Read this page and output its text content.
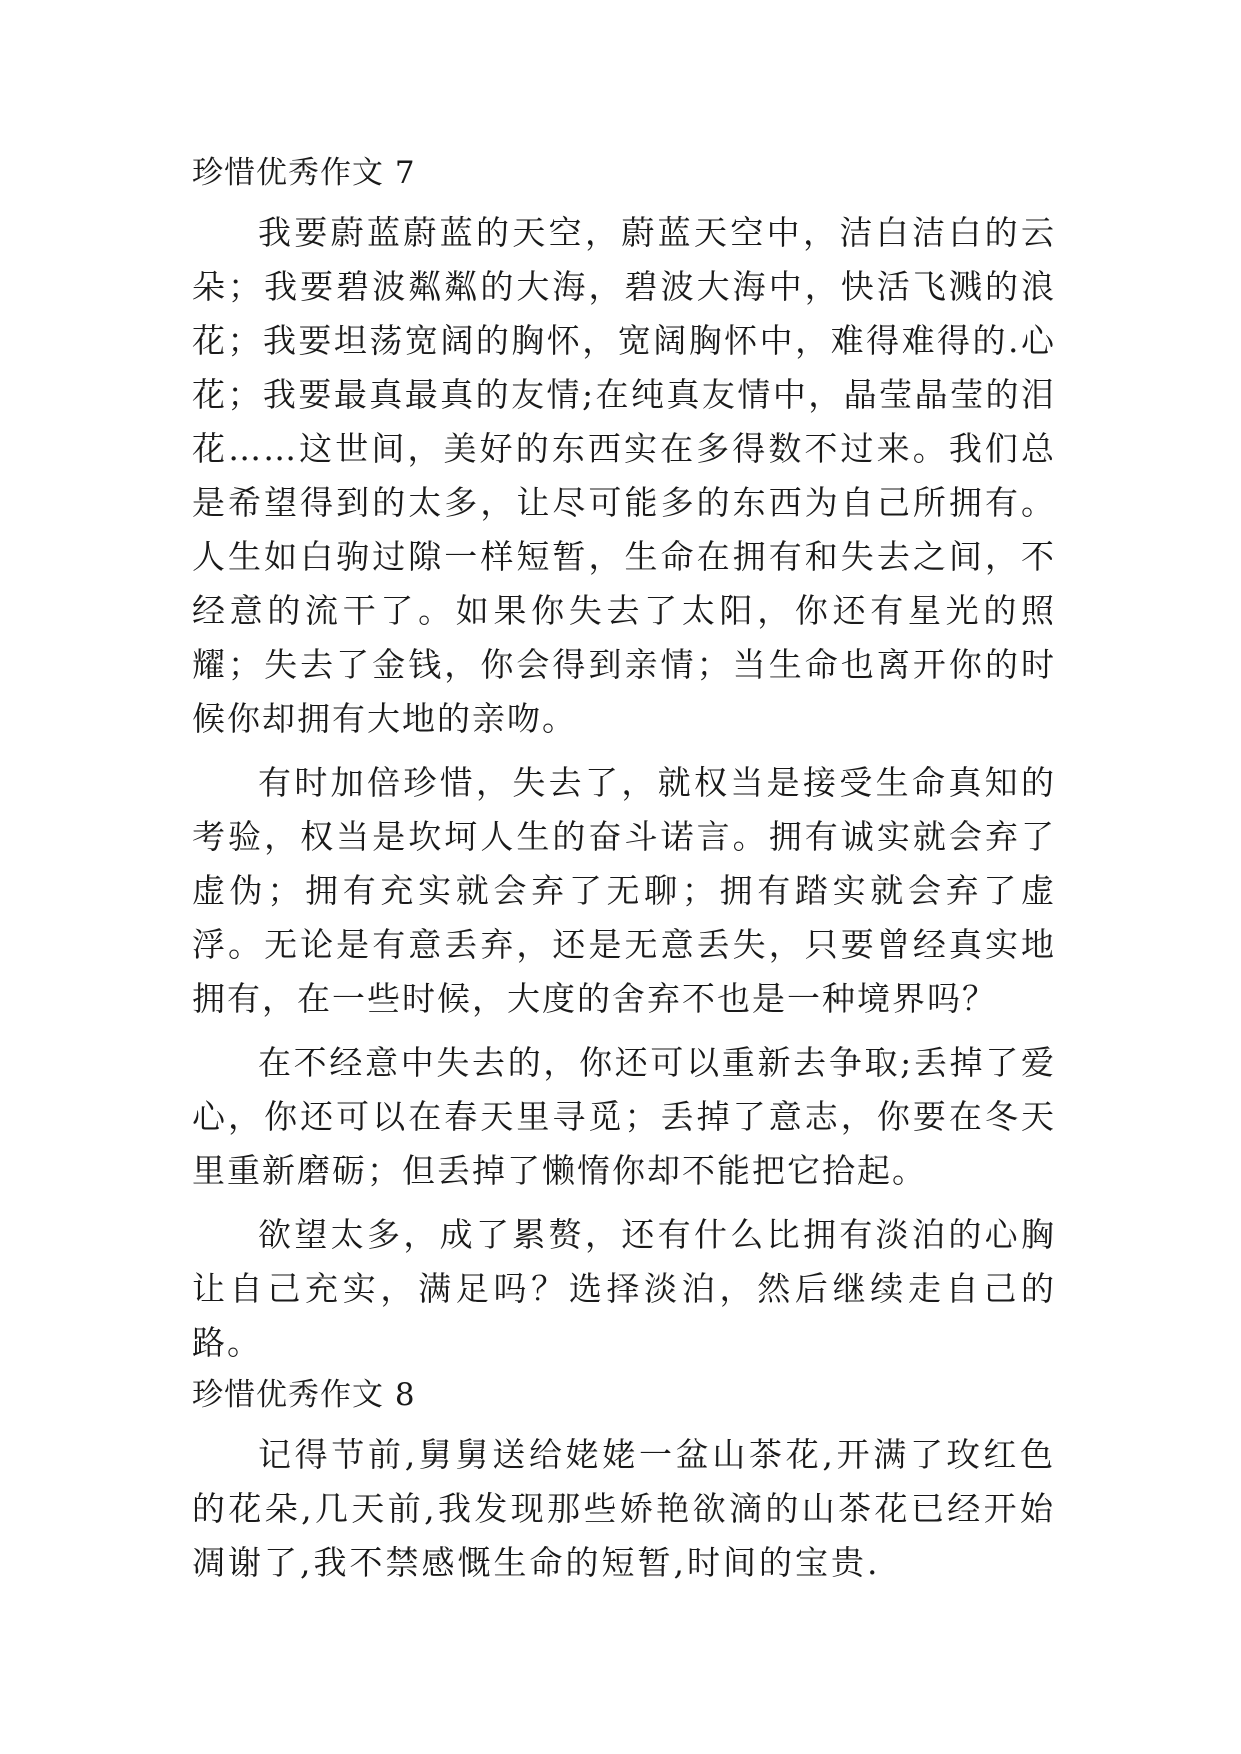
珍惜优秀作文 7

我要蔚蓝蔚蓝的天空，蔚蓝天空中，洁白洁白的云朵；我要碧波粼粼的大海，碧波大海中，快活飞溅的浪花；我要坦荡宽阔的胸怀，宽阔胸怀中，难得难得的.心花；我要最真最真的友情;在纯真友情中，晶莹晶莹的泪花……这世间，美好的东西实在多得数不过来。我们总是希望得到的太多，让尽可能多的东西为自己所拥有。人生如白驹过隙一样短暂，生命在拥有和失去之间，不经意的流干了。如果你失去了太阳，你还有星光的照耀；失去了金钱，你会得到亲情；当生命也离开你的时候你却拥有大地的亲吻。

有时加倍珍惜，失去了，就权当是接受生命真知的考验，权当是坎坷人生的奋斗诺言。拥有诚实就会弃了虚伪；拥有充实就会弃了无聊；拥有踏实就会弃了虚浮。无论是有意丢弃，还是无意丢失，只要曾经真实地拥有，在一些时候，大度的舍弃不也是一种境界吗？

在不经意中失去的，你还可以重新去争取;丢掉了爱心，你还可以在春天里寻觅；丢掉了意志，你要在冬天里重新磨砺；但丢掉了懒惰你却不能把它拾起。

欲望太多，成了累赘，还有什么比拥有淡泊的心胸让自己充实，满足吗？选择淡泊，然后继续走自己的路。

珍惜优秀作文 8

记得节前,舅舅送给姥姥一盆山茶花,开满了玫红色的花朵,几天前,我发现那些娇艳欲滴的山茶花已经开始凋谢了,我不禁感慨生命的短暂,时间的宝贵.
